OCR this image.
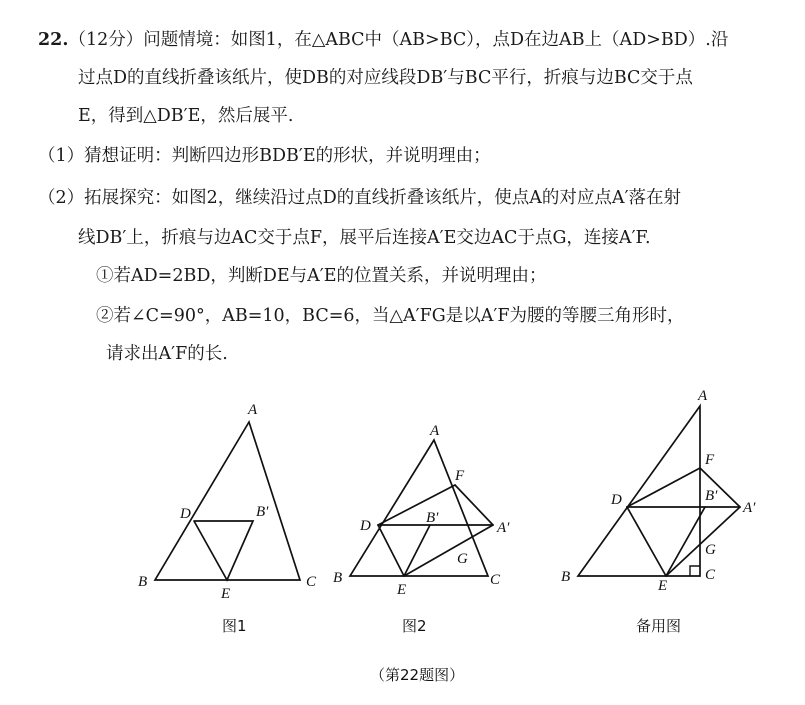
22.（12分）问题情境：如图1，在△ABC中（AB>BC），点D在边AB上（AD>BD）.沿
过点D的直线折叠该纸片，使DB的对应线段DB′与BC平行，折痕与边BC交于点
E，得到△DB′E，然后展平.
（1）猜想证明：判断四边形BDB′E的形状，并说明理由；
（2）拓展探究：如图2，继续沿过点D的直线折叠该纸片，使点A的对应点A′落在射
线DB′上，折痕与边AC交于点F，展平后连接A′E交边AC于点G，连接A′F.
①若AD=2BD，判断DE与A′E的位置关系，并说明理由；
②若∠C=90°，AB=10，BC=6，当△A′FG是以A′F为腰的等腰三角形时，
请求出A′F的长.
A
B	C
D
E
B′
图1
A
B	C
D
E
F
G
B′
A′
图2
A
B	C
D
E
F
G
B′
A′
备用图
（第22题图）
